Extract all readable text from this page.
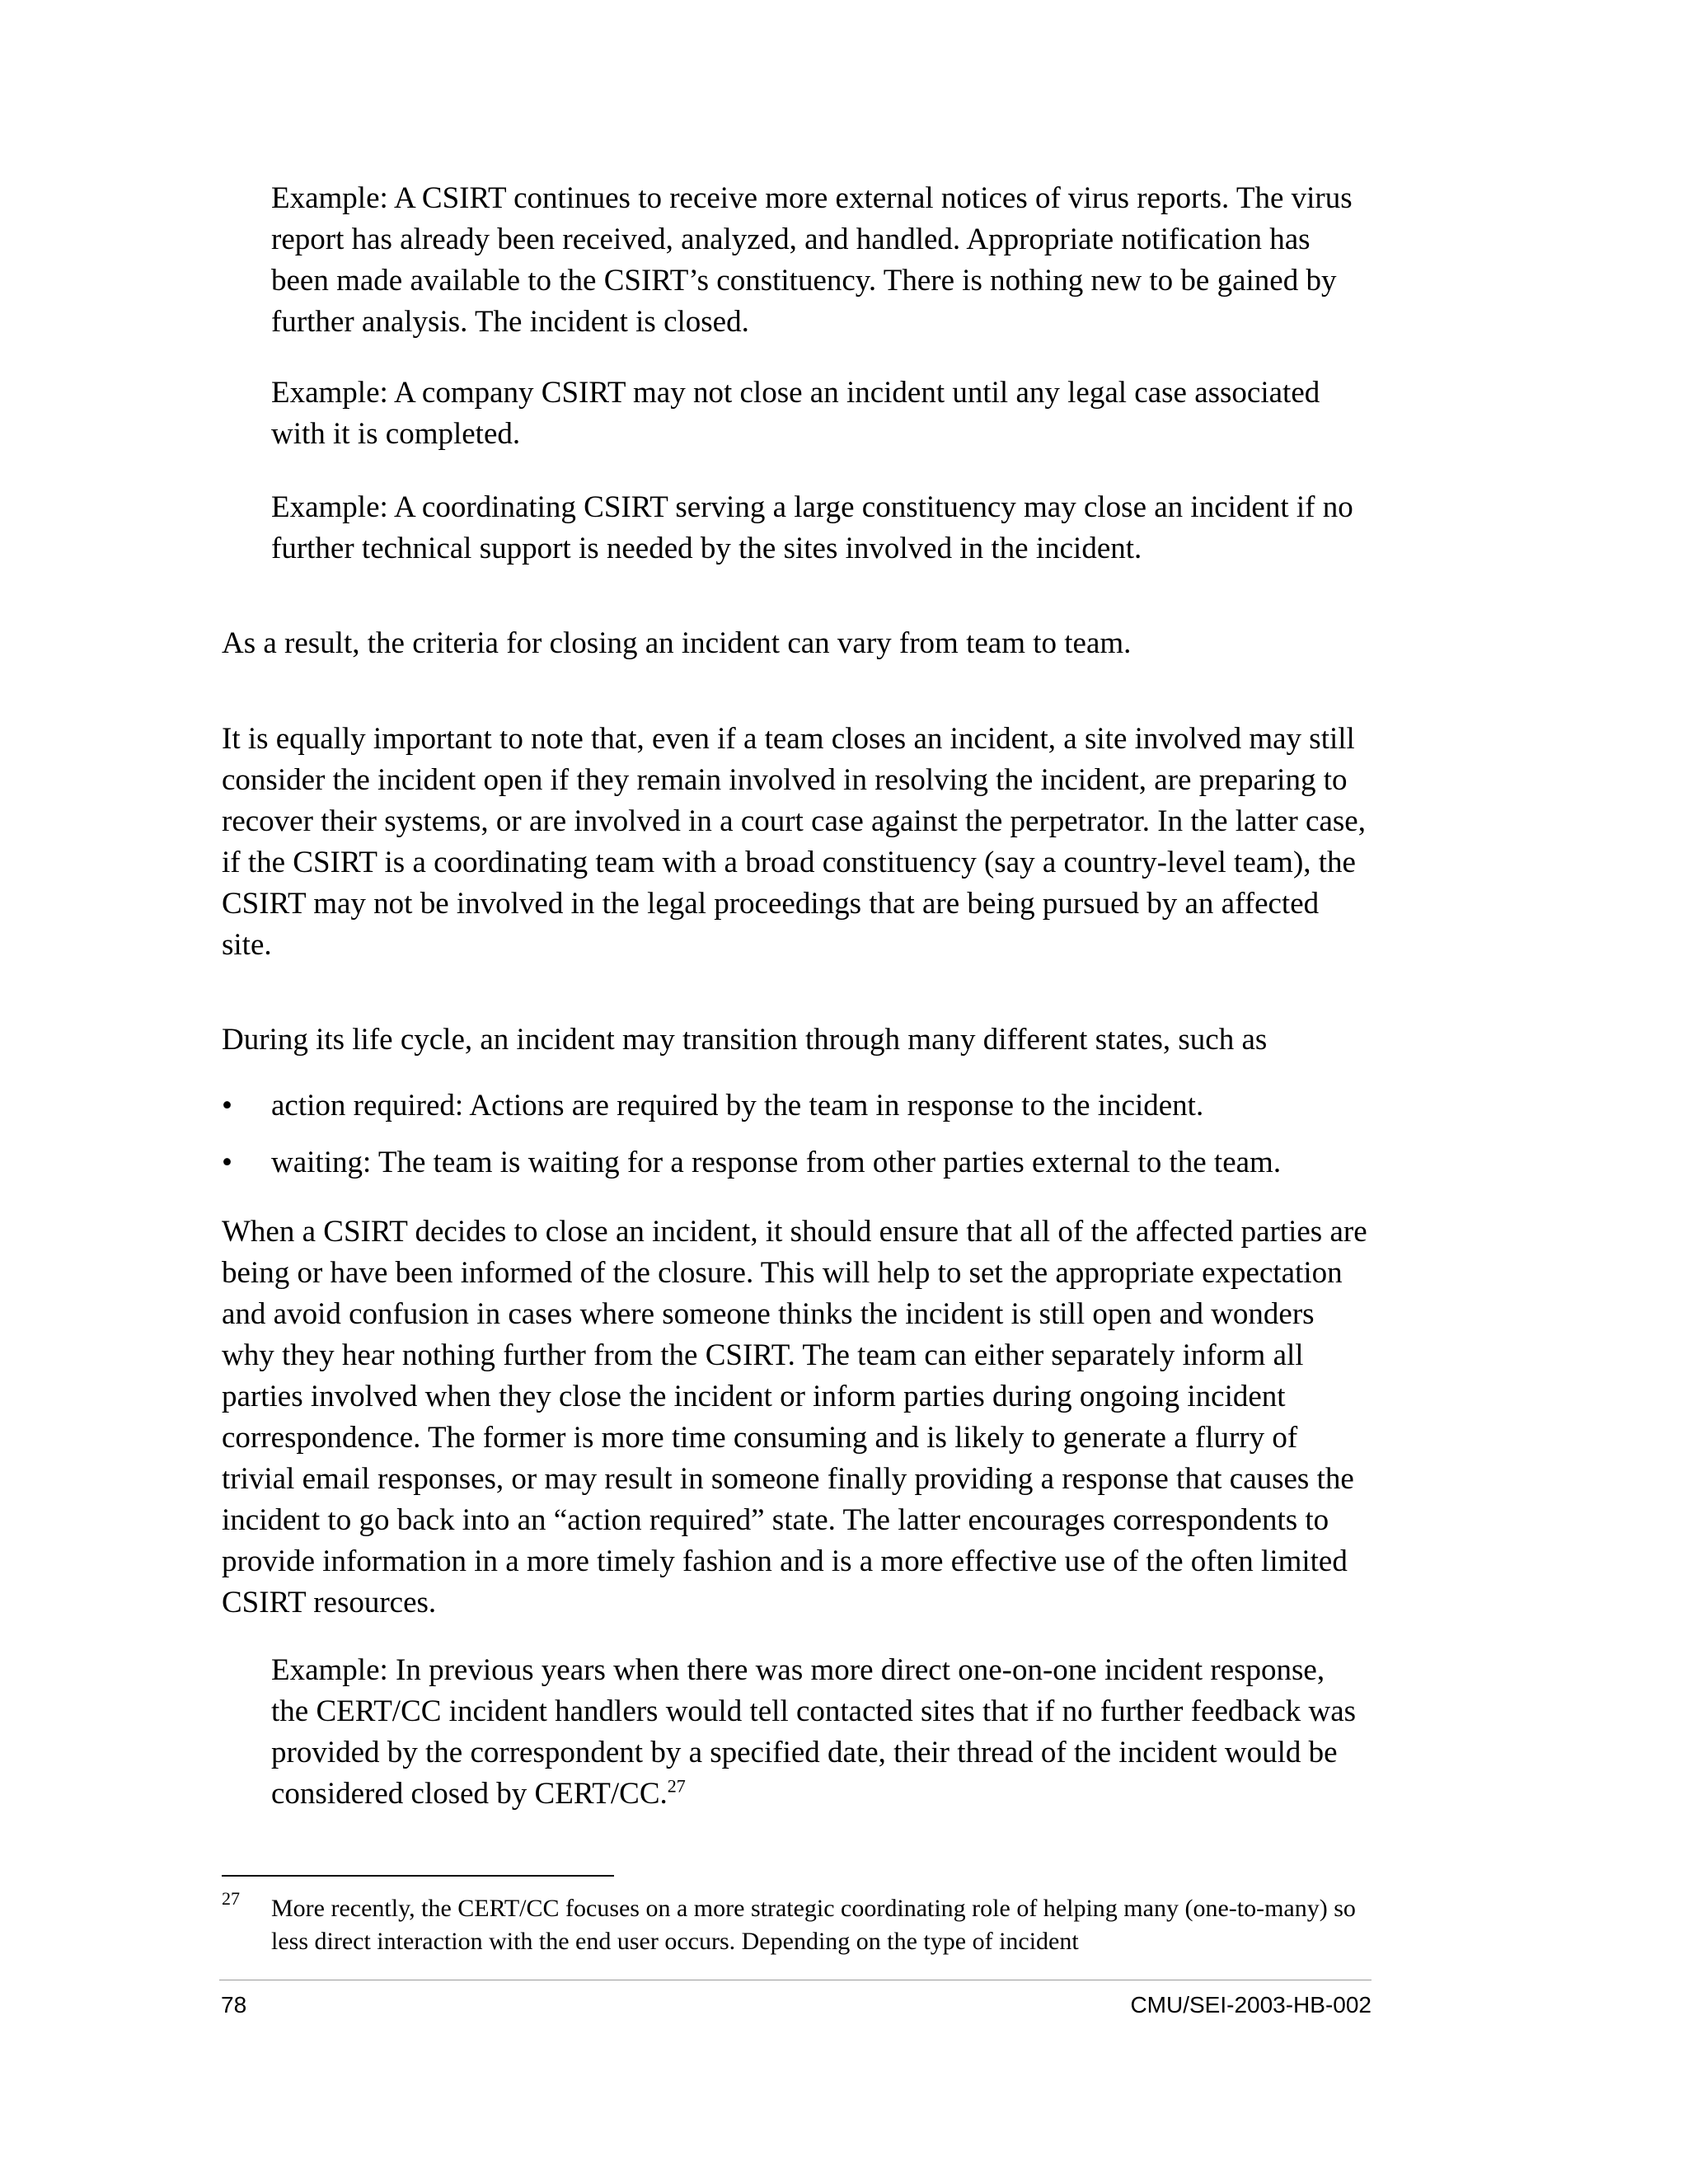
Example: A CSIRT continues to receive more external notices of virus reports. The virus report has already been received, analyzed, and handled. Appropriate notification has been made available to the CSIRT’s constituency. There is nothing new to be gained by further analysis. The incident is closed.

Example: A company CSIRT may not close an incident until any legal case associated with it is completed.

Example: A coordinating CSIRT serving a large constituency may close an incident if no further technical support is needed by the sites involved in the incident.

As a result, the criteria for closing an incident can vary from team to team.

It is equally important to note that, even if a team closes an incident, a site involved may still consider the incident open if they remain involved in resolving the incident, are preparing to recover their systems, or are involved in a court case against the perpetrator. In the latter case, if the CSIRT is a coordinating team with a broad constituency (say a country-level team), the CSIRT may not be involved in the legal proceedings that are being pursued by an affected site.

During its life cycle, an incident may transition through many different states, such as

•	action required: Actions are required by the team in response to the incident.
•	waiting: The team is waiting for a response from other parties external to the team.

When a CSIRT decides to close an incident, it should ensure that all of the affected parties are being or have been informed of the closure. This will help to set the appropriate expectation and avoid confusion in cases where someone thinks the incident is still open and wonders why they hear nothing further from the CSIRT. The team can either separately inform all parties involved when they close the incident or inform parties during ongoing incident correspondence. The former is more time consuming and is likely to generate a flurry of trivial email responses, or may result in someone finally providing a response that causes the incident to go back into an “action required” state. The latter encourages correspondents to provide information in a more timely fashion and is a more effective use of the often limited CSIRT resources.

Example: In previous years when there was more direct one-on-one incident response, the CERT/CC incident handlers would tell contacted sites that if no further feedback was provided by the correspondent by a specified date, their thread of the incident would be considered closed by CERT/CC.$^{27}$

27 More recently, the CERT/CC focuses on a more strategic coordinating role of helping many (one-to-many) so less direct interaction with the end user occurs. Depending on the type of incident
78	CMU/SEI-2003-HB-002
